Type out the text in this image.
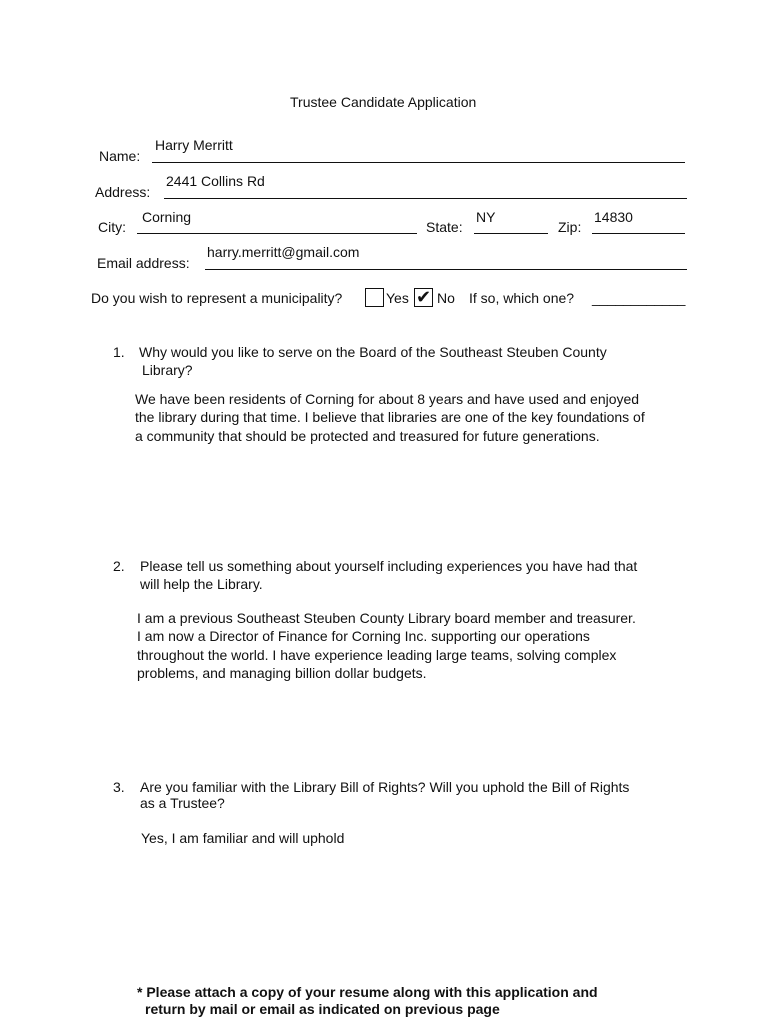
Trustee Candidate Application
Name:
Harry Merritt
Address:
2441 Collins Rd
City:
Corning
State:
NY
Zip:
14830
Email address:
harry.merritt@gmail.com
Do you wish to represent a municipality?	Yes ✔ No If so, which one? ____________
1. Why would you like to serve on the Board of the Southeast Steuben County
Library?
We have been residents of Corning for about 8 years and have used and enjoyed the library during that time. I believe that libraries are one of the key foundations of a community that should be protected and treasured for future generations.
2. Please tell us something about yourself including experiences you have had that
will help the Library.
I am a previous Southeast Steuben County Library board member and treasurer. I am now a Director of Finance for Corning Inc. supporting our operations throughout the world. I have experience leading large teams, solving complex problems, and managing billion dollar budgets.
3. Are you familiar with the Library Bill of Rights? Will you uphold the Bill of Rights
as a Trustee?
Yes, I am familiar and will uphold
* Please attach a copy of your resume along with this application and
return by mail or email as indicated on previous page
